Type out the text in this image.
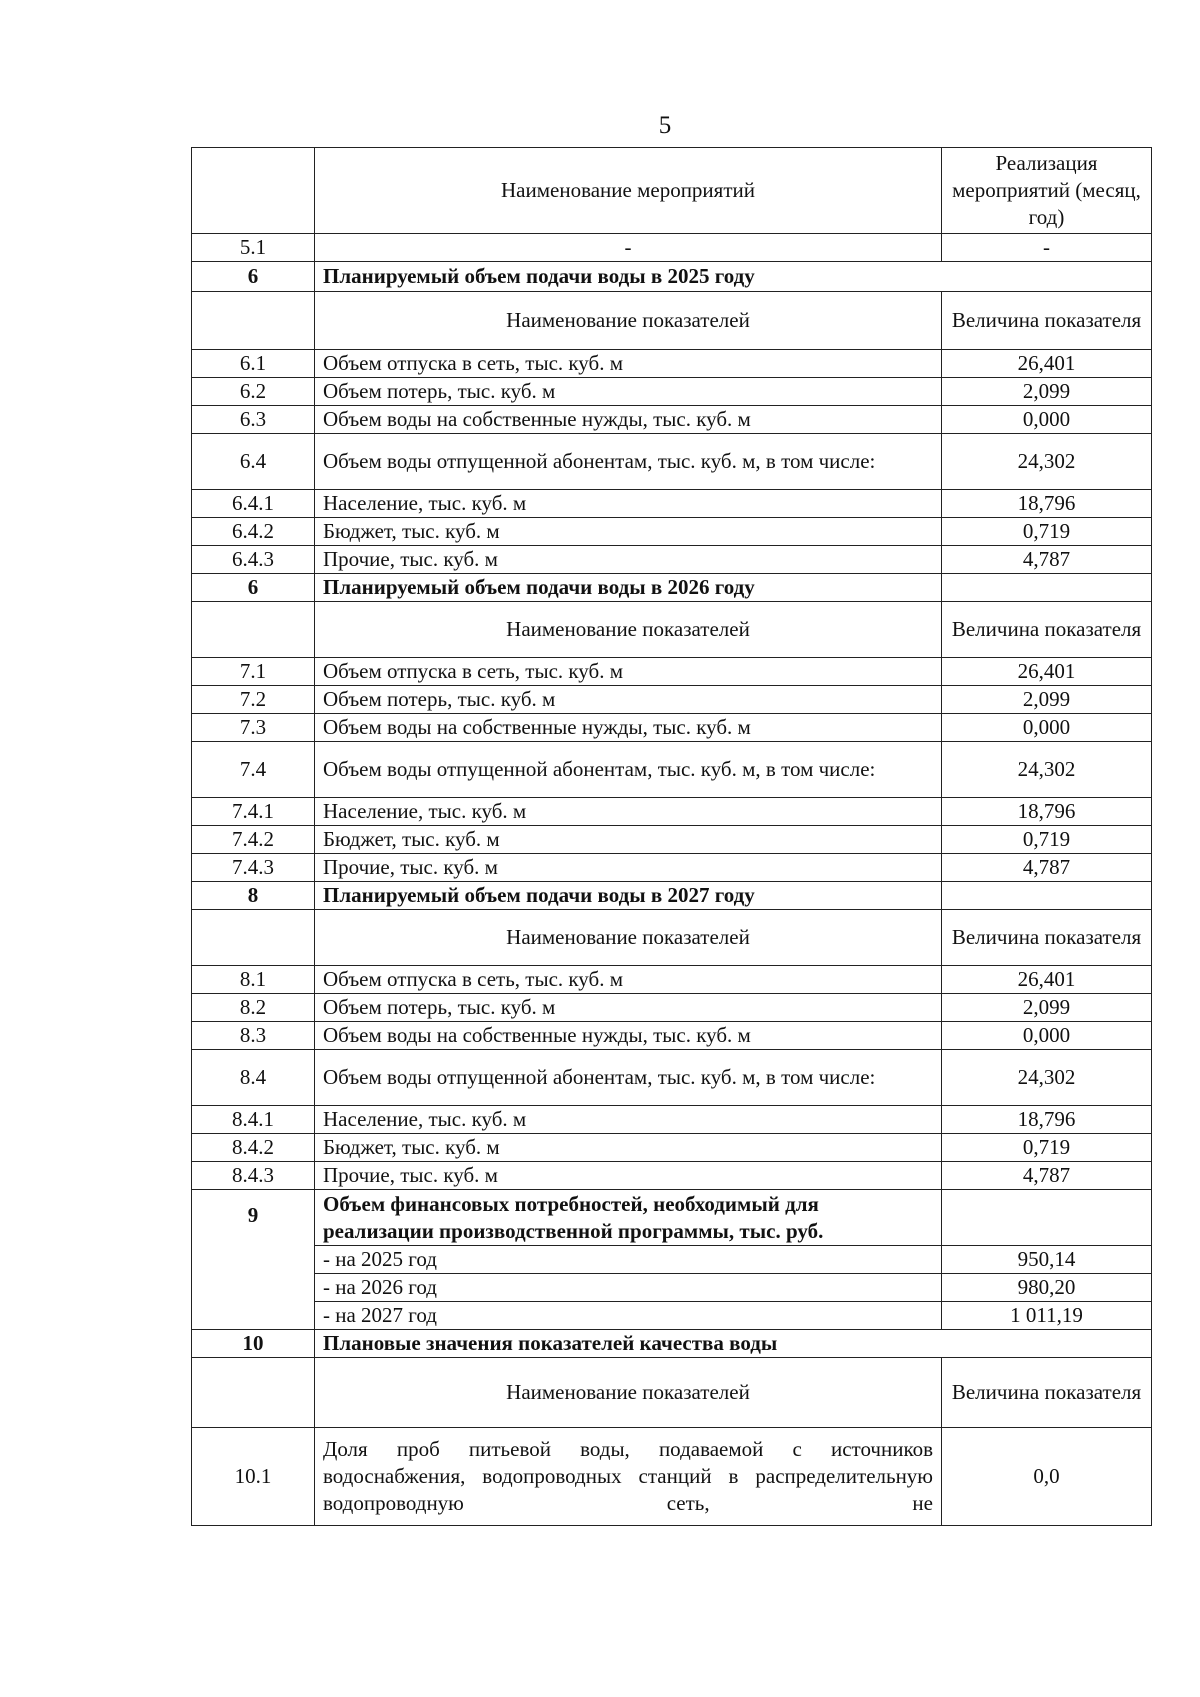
5
	Наименование мероприятий	Реализация мероприятий (месяц, год)
5.1	-	-
6	Планируемый объем подачи воды в 2025 году	
	Наименование показателей	Величина показателя
6.1	Объем отпуска в сеть, тыс. куб. м	26,401
6.2	Объем потерь, тыс. куб. м	2,099
6.3	Объем воды на собственные нужды, тыс. куб. м	0,000
6.4	Объем воды отпущенной абонентам, тыс. куб. м, в том числе:	24,302
6.4.1	Население, тыс. куб. м	18,796
6.4.2	Бюджет, тыс. куб. м	0,719
6.4.3	Прочие, тыс. куб. м	4,787
6	Планируемый объем подачи воды в 2026 году	
	Наименование показателей	Величина показателя
7.1	Объем отпуска в сеть, тыс. куб. м	26,401
7.2	Объем потерь, тыс. куб. м	2,099
7.3	Объем воды на собственные нужды, тыс. куб. м	0,000
7.4	Объем воды отпущенной абонентам, тыс. куб. м, в том числе:	24,302
7.4.1	Население, тыс. куб. м	18,796
7.4.2	Бюджет, тыс. куб. м	0,719
7.4.3	Прочие, тыс. куб. м	4,787
8	Планируемый объем подачи воды в 2027 году	
	Наименование показателей	Величина показателя
8.1	Объем отпуска в сеть, тыс. куб. м	26,401
8.2	Объем потерь, тыс. куб. м	2,099
8.3	Объем воды на собственные нужды, тыс. куб. м	0,000
8.4	Объем воды отпущенной абонентам, тыс. куб. м, в том числе:	24,302
8.4.1	Население, тыс. куб. м	18,796
8.4.2	Бюджет, тыс. куб. м	0,719
8.4.3	Прочие, тыс. куб. м	4,787
9	Объем финансовых потребностей, необходимый для реализации производственной программы, тыс. руб.	
	- на 2025 год	950,14
	- на 2026 год	980,20
	- на 2027 год	1 011,19
10	Плановые значения показателей качества воды	
	Наименование показателей	Величина показателя
10.1	Доля проб питьевой воды, подаваемой с источников водоснабжения, водопроводных станций в распределительную водопроводную сеть, не	0,0
